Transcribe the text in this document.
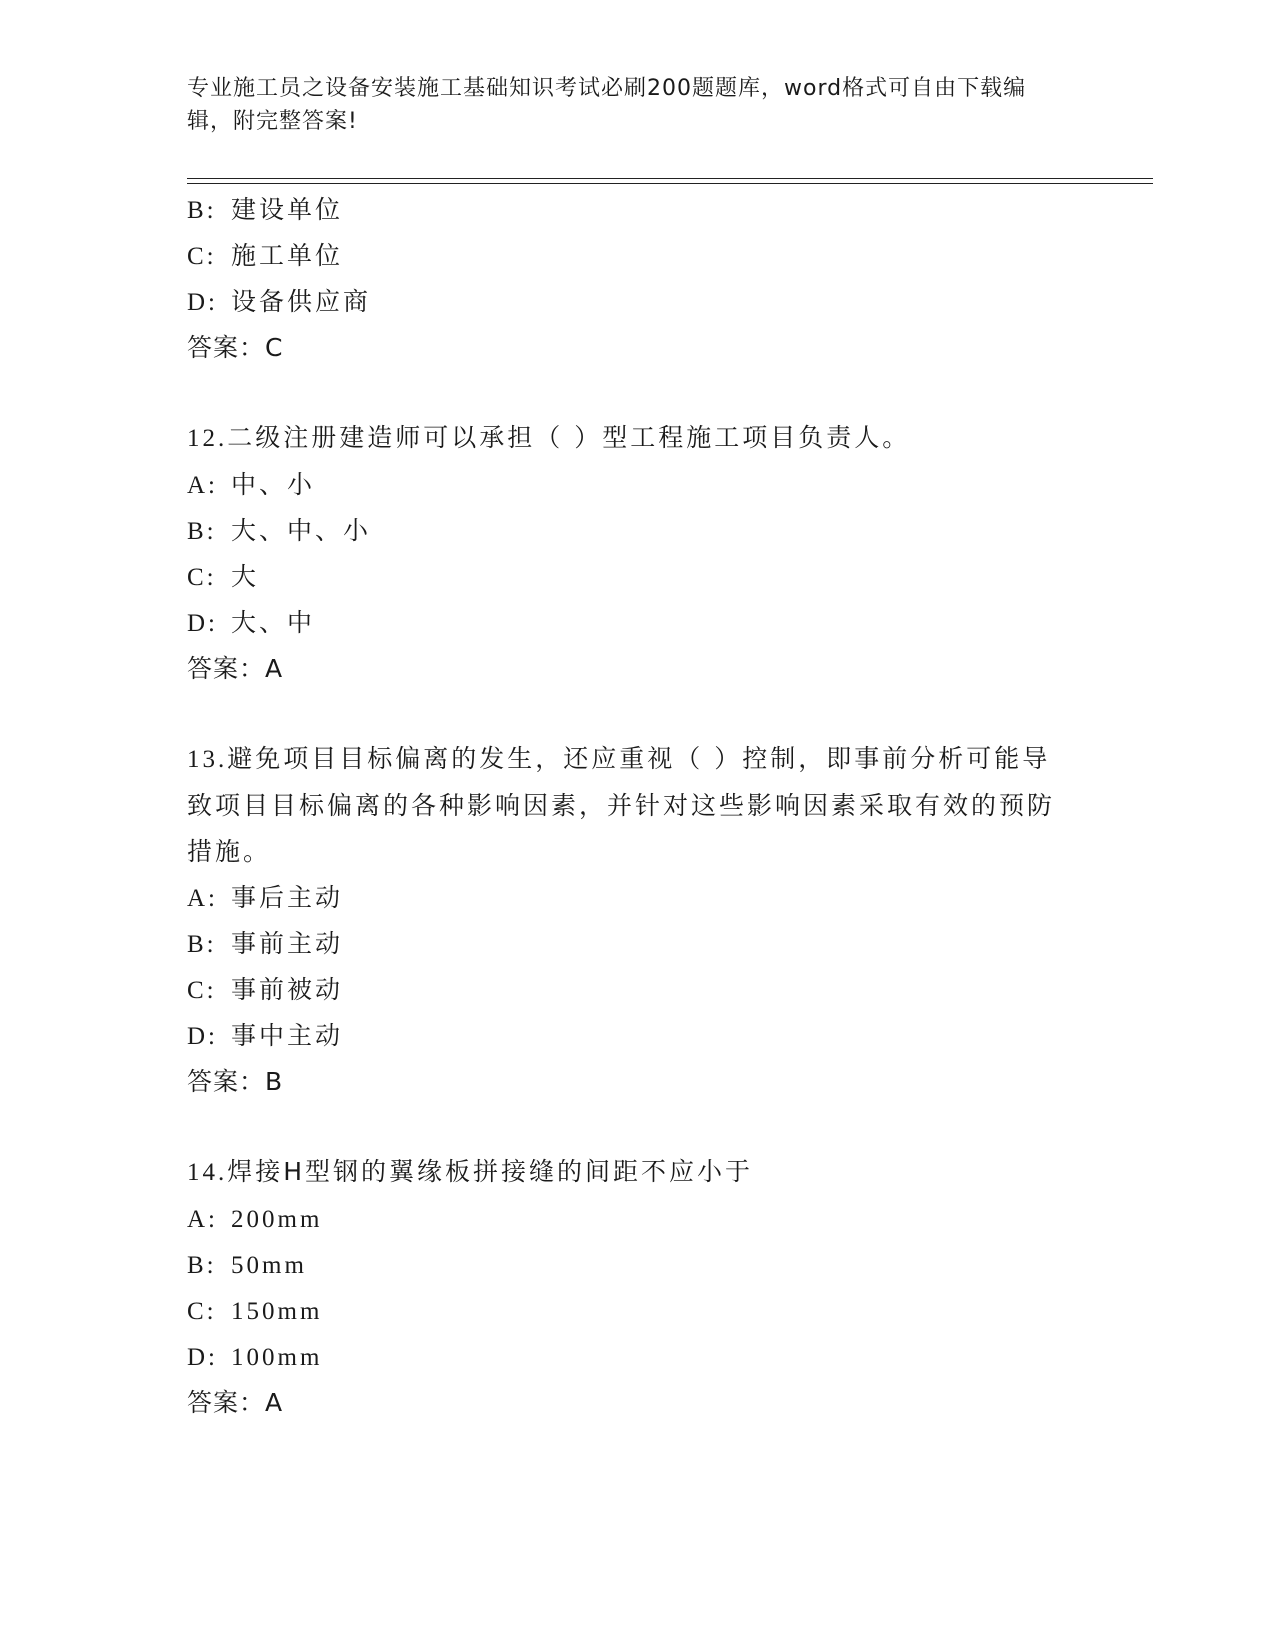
专业施工员之设备安装施工基础知识考试必刷200题题库，word格式可自由下载编辑，附完整答案!
B: 建设单位
C: 施工单位
D: 设备供应商
答案：C
12.二级注册建造师可以承担（ ）型工程施工项目负责人。
A: 中、小
B: 大、中、小
C: 大
D: 大、中
答案：A
13.避免项目目标偏离的发生，还应重视（ ）控制，即事前分析可能导致项目目标偏离的各种影响因素，并针对这些影响因素采取有效的预防措施。
A: 事后主动
B: 事前主动
C: 事前被动
D: 事中主动
答案：B
14.焊接H型钢的翼缘板拼接缝的间距不应小于
A: 200mm
B: 50mm
C: 150mm
D: 100mm
答案：A
